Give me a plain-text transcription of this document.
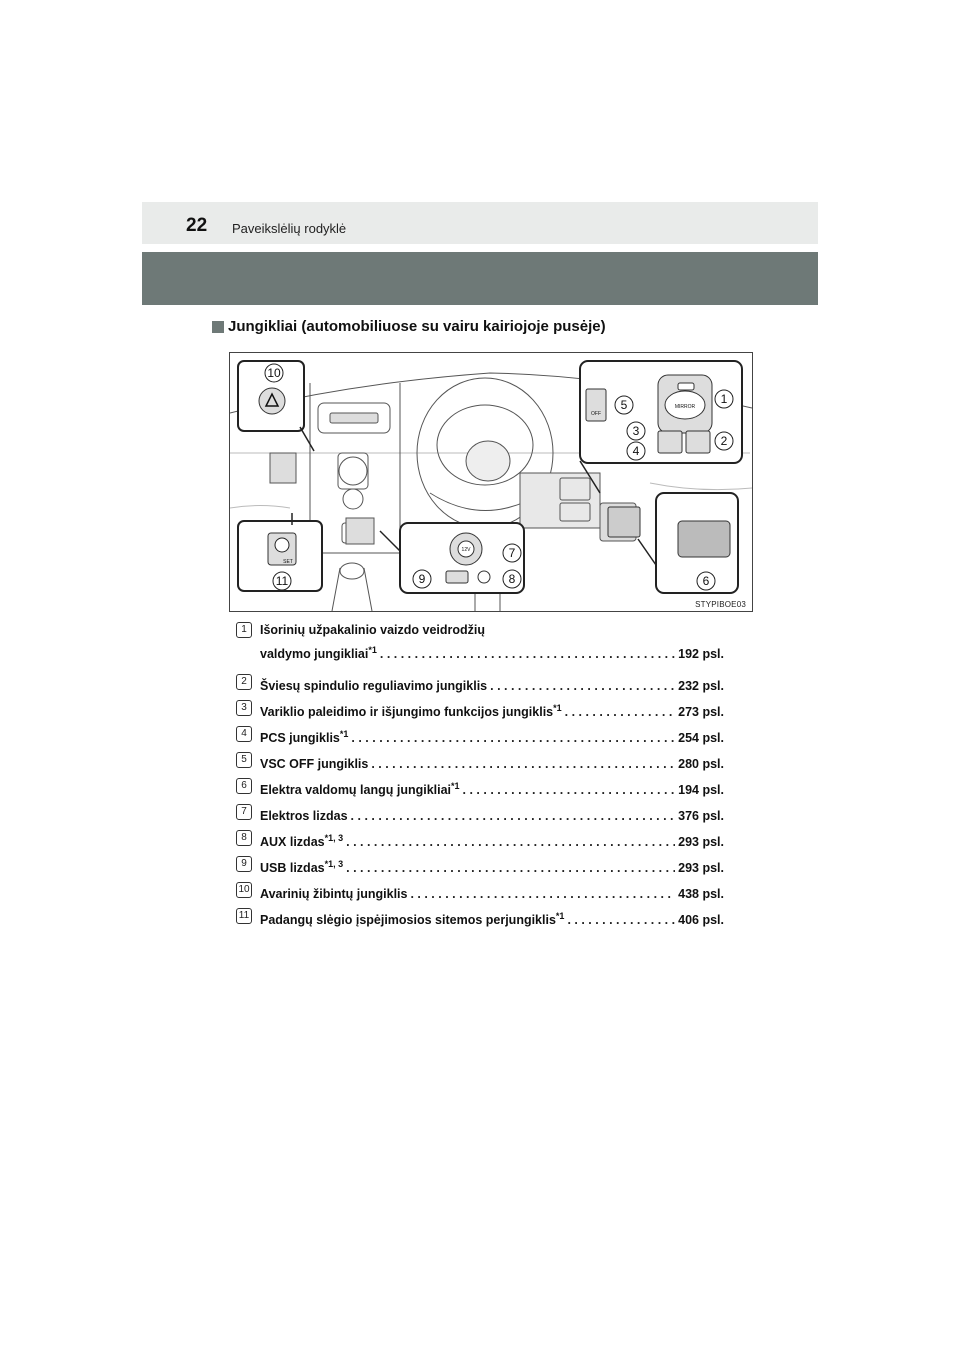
22 Paveikslėlių rodyklė
Jungikliai (automobiliuose su vairu kairiojoje pusėje)
10
11
5	1
2
3
4
7
8
9	6
OFF
MIRROR
12V
SET
STYPIBOE03
1	Išorinių užpakalinio vaizdo veidrodžių
valdymo jungikliai$^{*1}$ . . .	192 psl.
2	Šviesų spindulio reguliavimo jungiklis . . .	232 psl.
3	Variklio paleidimo ir išjungimo funkcijos jungiklis$^{*1}$ . . .	273 psl.
4	PCS jungiklis$^{*1}$ . . .	254 psl.
5	VSC OFF jungiklis . . .	280 psl.
6	Elektra valdomų langų jungikliai$^{*1}$ . . .	194 psl.
7	Elektros lizdas . . .	376 psl.
8	AUX lizdas$^{*1, 3}$ . . .	293 psl.
9	USB lizdas$^{*1, 3}$ . . .	293 psl.
10 Avarinių žibintų jungiklis . . .	438 psl.
11 Padangų slėgio įspėjimosios sitemos perjungiklis$^{*1}$ . . .	406 psl.
